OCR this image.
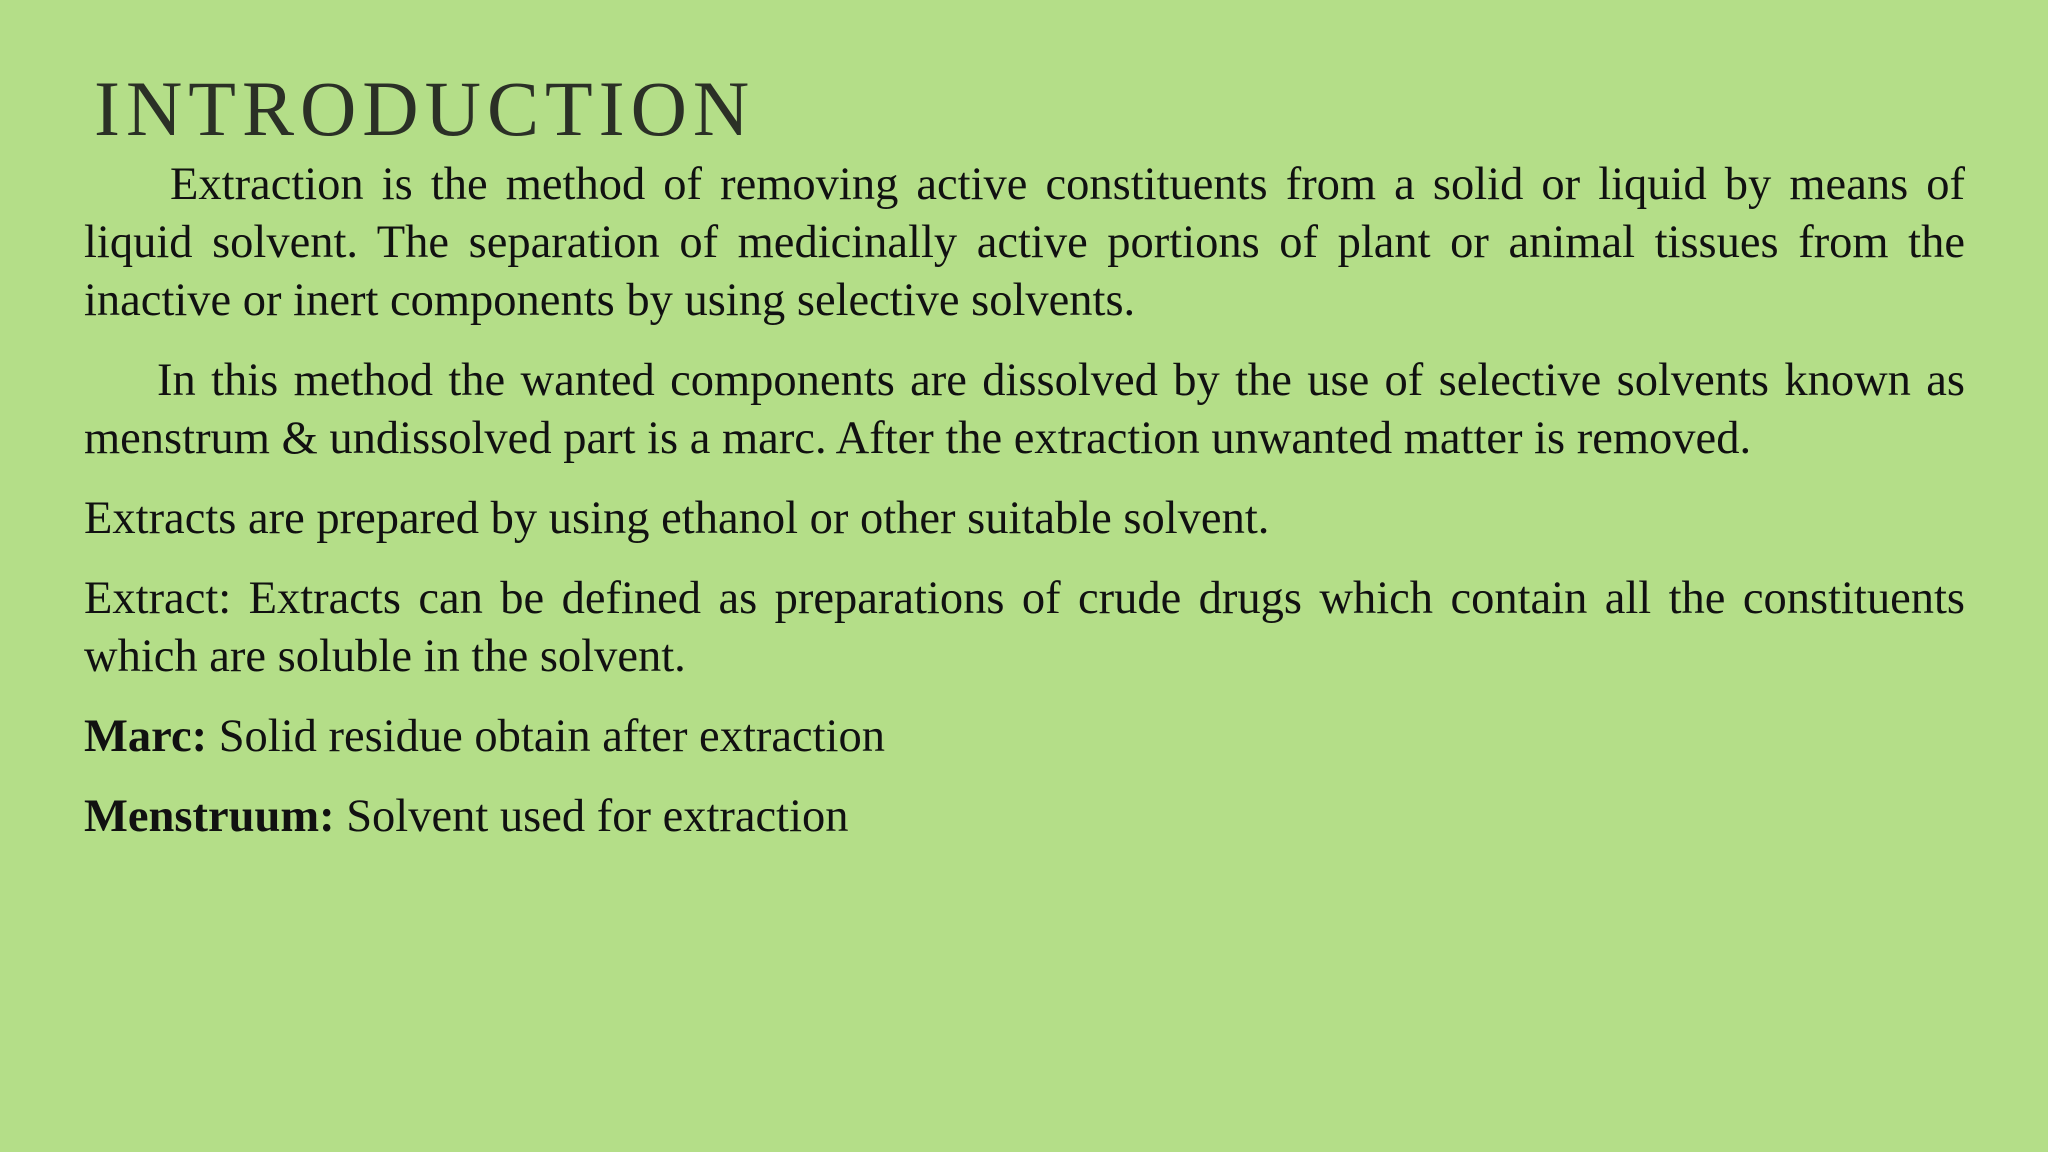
INTRODUCTION

Extraction is the method of removing active constituents from a solid or liquid by means of liquid solvent. The separation of medicinally active portions of plant or animal tissues from the inactive or inert components by using selective solvents.

In this method the wanted components are dissolved by the use of selective solvents known as menstrum & undissolved part is a marc. After the extraction unwanted matter is removed.

Extracts are prepared by using ethanol or other suitable solvent.

Extract: Extracts can be defined as preparations of crude drugs which contain all the constituents which are soluble in the solvent.

Marc: Solid residue obtain after extraction

Menstruum: Solvent used for extraction
